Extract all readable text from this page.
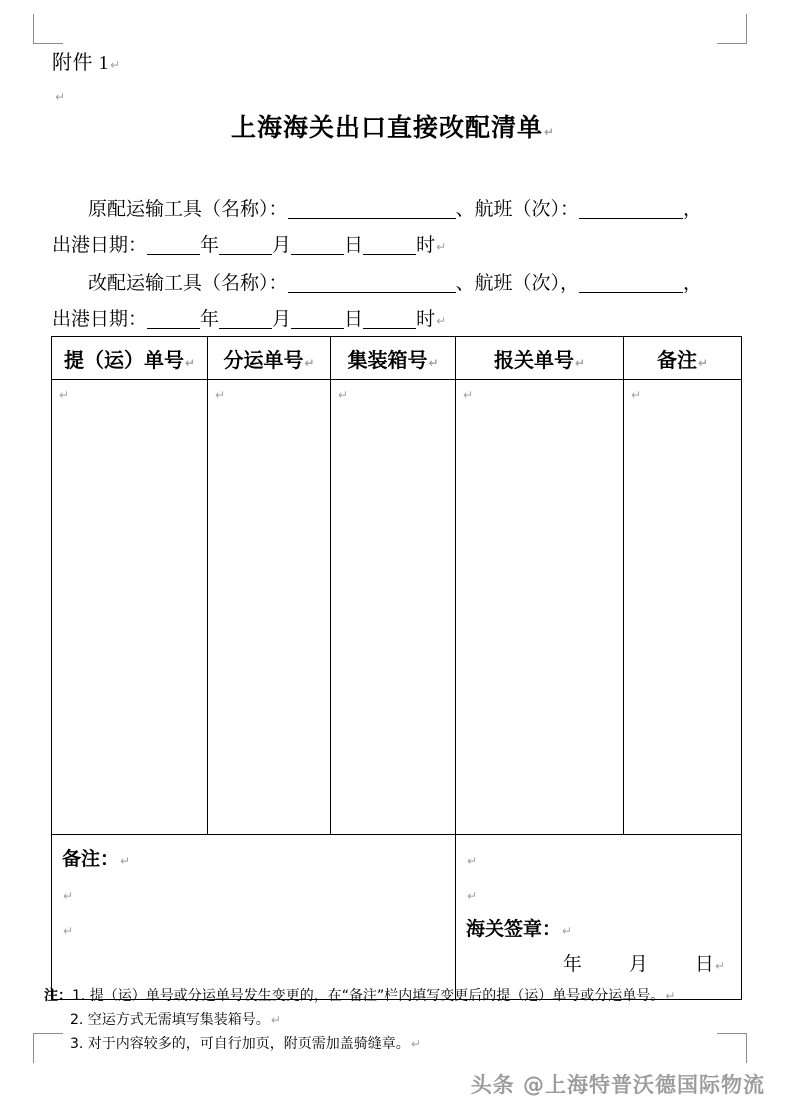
附件 1↵
↵
上海海关出口直接改配清单↵
原配运输工具（名称）：	、航班（次）：	，
出港日期：	年	月	日	时↵
改配运输工具（名称）：	、航班（次），	，
出港日期：	年	月	日	时↵
提（运）单号↵	分运单号↵	集装箱号↵	报关单号↵	备注↵
↵	↵	↵	↵	↵

备注：↵
↵
↵

↵
↵
海关签章：↵
年 月 日↵
注：1. 提（运）单号或分运单号发生变更的，在“备注”栏内填写变更后的提（运）单号或分运单号。↵
2. 空运方式无需填写集装箱号。↵
3. 对于内容较多的，可自行加页，附页需加盖骑缝章。↵
头条 @上海特普沃德国际物流
